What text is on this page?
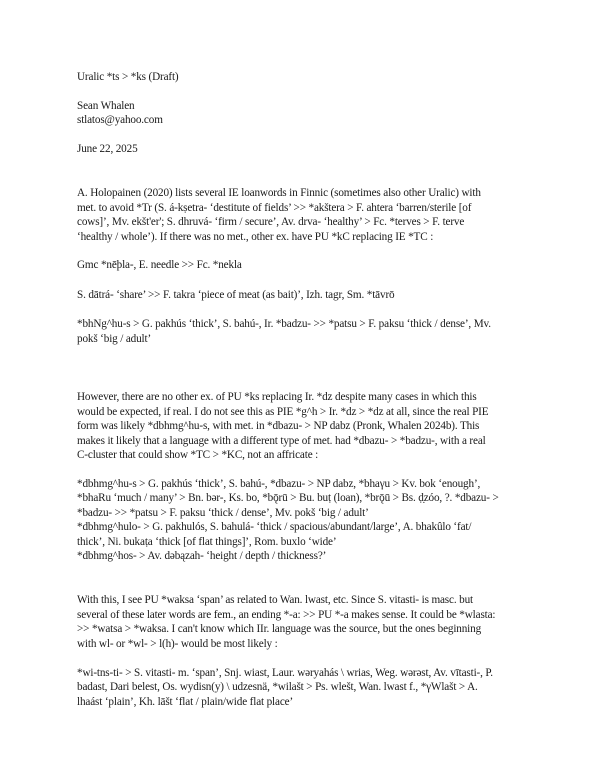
Uralic *ts > *ks (Draft)
Sean Whalen
stlatos@yahoo.com
June 22, 2025
A. Holopainen (2020) lists several IE loanwords in Finnic (sometimes also other Uralic) with
met. to avoid *Tr (S. á-kṣetra- ‘destitute of fields’ >> *akštera > F. ahtera ‘barren/sterile [of
cows]’, Mv. ekšt'er'; S. dhruvá- ‘firm / secure’, Av. drva- ‘healthy’ > Fc. *terves > F. terve
‘healthy / whole’). If there was no met., other ex. have PU *kC replacing IE *TC :
Gmc *nēþla-, E. needle >> Fc. *nekla
S. dātrá- ‘share’ >> F. takra ‘piece of meat (as bait)’, Izh. tagr, Sm. *tāvrō
*bhNg^hu-s > G. pakhús ‘thick’, S. bahú-, Ir. *badzu- >> *patsu > F. paksu ‘thick / dense’, Mv.
pokš ‘big / adult’
However, there are no other ex. of PU *ks replacing Ir. *dz despite many cases in which this
would be expected, if real. I do not see this as PIE *g^h > Ir. *dz > *dz at all, since the real PIE
form was likely *dbhmg^hu-s, with met. in *dbazu- > NP dabz (Pronk, Whalen 2024b). This
makes it likely that a language with a different type of met. had *dbazu- > *badzu-, with a real
C-cluster that could show *TC > *KC, not an affricate :
*dbhmg^hu-s > G. pakhús ‘thick’, S. bahú-, *dbazu- > NP dabz, *bhaγu > Kv. bok ‘enough’,
*bhaRu ‘much / many’ > Bn. bər-, Ks. bo, *bǭrū > Bu. buṭ (loan), *brǭū > Bs. ḍ̣zóo, ?. *dbazu- >
*badzu- >> *patsu > F. paksu ‘thick / dense’, Mv. pokš ‘big / adult’
*dbhmg^hulo- > G. pakhulós, S. bahulá- ‘thick / spacious/abundant/large’, A. bhakûlo ‘fat/
thick’, Ni. bukaṭa ‘thick [of flat things]’, Rom. buxlo ‘wide’
*dbhmg^hos- > Av. dəbązah- ‘height / depth / thickness?’
With this, I see PU *waksa ‘span’ as related to Wan. lwast, etc. Since S. vitasti- is masc. but
several of these later words are fem., an ending *-a: >> PU *-a makes sense. It could be *wlasta:
>> *watsa > *waksa. I can't know which IIr. language was the source, but the ones beginning
with wl- or *wl- > l(h)- would be most likely :
*wi-tns-ti- > S. vitasti- m. ‘span’, Snj. wiast, Laur. wəryahás \ wrias, Weg. wərəst, Av. vītasti-, P.
badast, Dari belest, Os. wydisn(y) \ udzesnä, *wilašt > Ps. wlešt, Wan. lwast f., *γWlašt > A.
lhaást ‘plain’, Kh. lāšt ‘flat / plain/wide flat place’
